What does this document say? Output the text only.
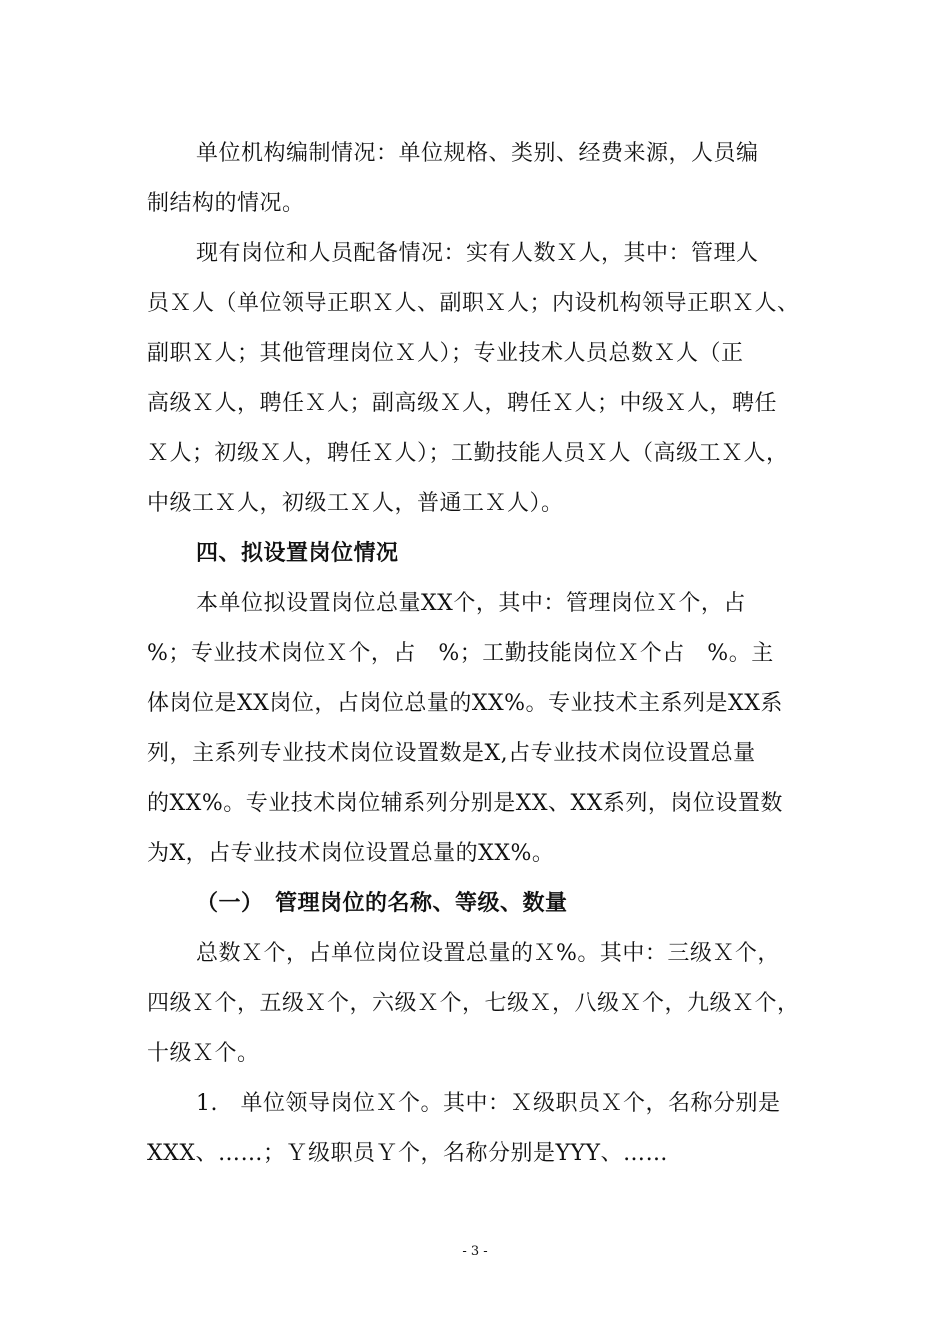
单位机构编制情况：单位规格、类别、经费来源，人员编
制结构的情况。
现有岗位和人员配备情况：实有人数Ｘ人，其中：管理人
员Ｘ人（单位领导正职Ｘ人、副职Ｘ人；内设机构领导正职Ｘ人、
副职Ｘ人；其他管理岗位Ｘ人）；专业技术人员总数Ｘ人（正
高级Ｘ人，聘任Ｘ人；副高级Ｘ人，聘任Ｘ人；中级Ｘ人，聘任
Ｘ人；初级Ｘ人，聘任Ｘ人）；工勤技能人员Ｘ人（高级工Ｘ人，
中级工Ｘ人，初级工Ｘ人，普通工Ｘ人）。
四、拟设置岗位情况
本单位拟设置岗位总量XX个，其中：管理岗位Ｘ个，占
%；专业技术岗位Ｘ个，占　%；工勤技能岗位Ｘ个占　%。主
体岗位是XX岗位，占岗位总量的XX%。专业技术主系列是XX系
列，主系列专业技术岗位设置数是X,占专业技术岗位设置总量
的XX%。专业技术岗位辅系列分别是XX、XX系列，岗位设置数
为X，占专业技术岗位设置总量的XX%。
（一）　管理岗位的名称、等级、数量
总数Ｘ个，占单位岗位设置总量的Ｘ%。其中：三级Ｘ个，
四级Ｘ个，五级Ｘ个，六级Ｘ个，七级Ｘ，八级Ｘ个，九级Ｘ个，
十级Ｘ个。
1.　单位领导岗位Ｘ个。其中：Ｘ级职员Ｘ个，名称分别是
XXX、……；Ｙ级职员Ｙ个，名称分别是YYY、……
- 3 -
